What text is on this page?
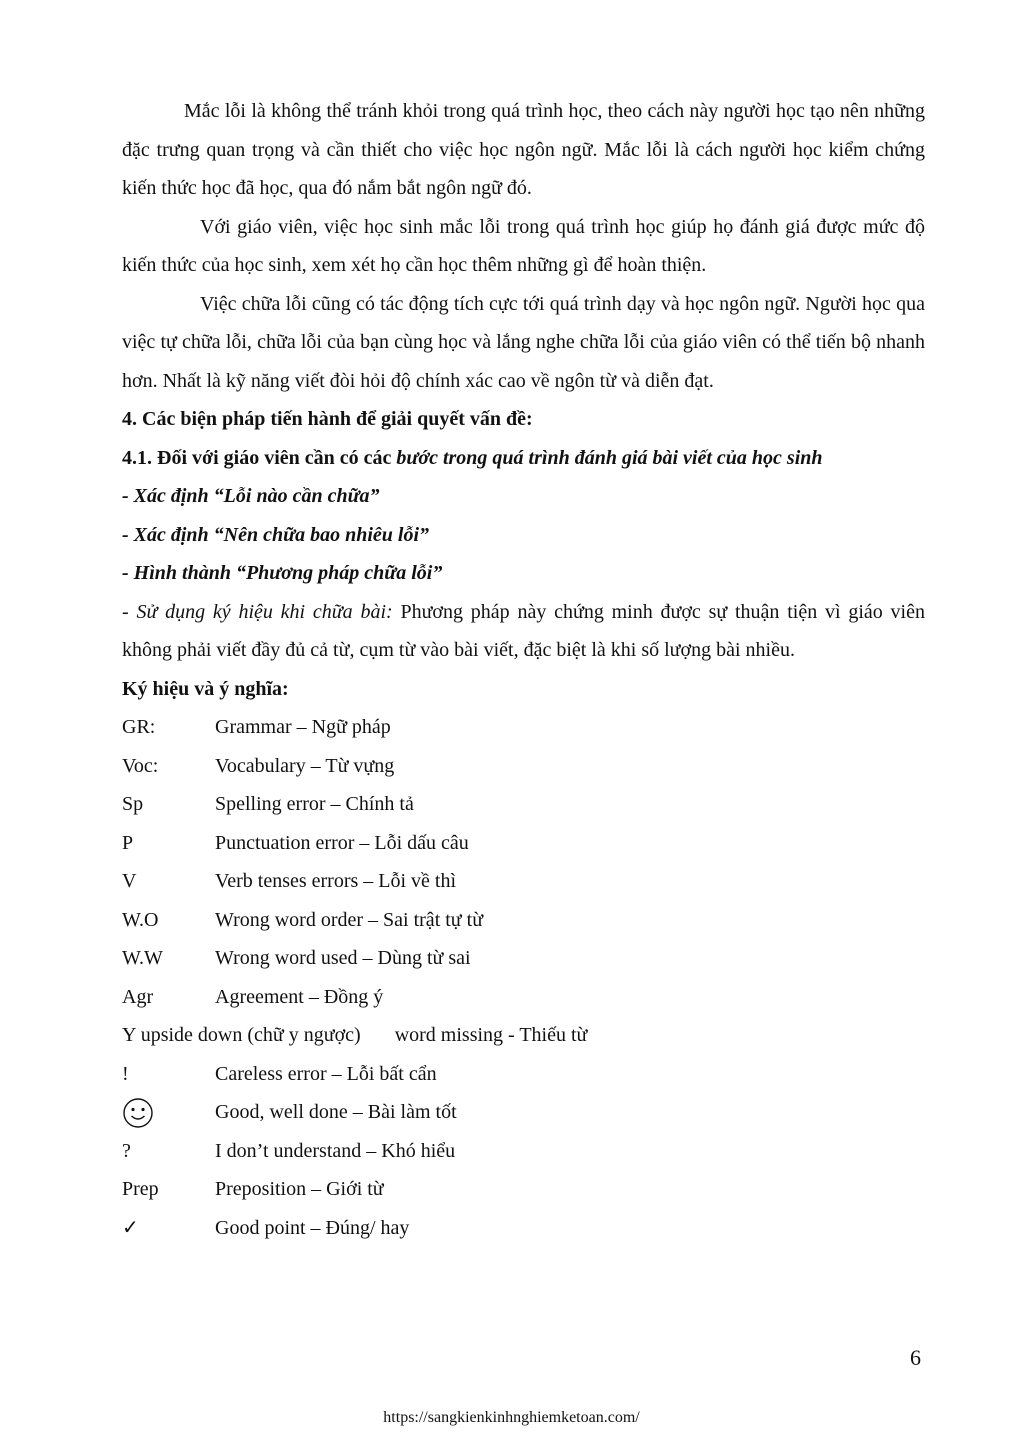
Mắc lỗi là không thể tránh khỏi trong quá trình học, theo cách này người học tạo nên những đặc trưng quan trọng và cần thiết cho việc học ngôn ngữ. Mắc lỗi là cách người học kiểm chứng kiến thức học đã học, qua đó nắm bắt ngôn ngữ đó.

Với giáo viên, việc học sinh mắc lỗi trong quá trình học giúp họ đánh giá được mức độ kiến thức của học sinh, xem xét họ cần học thêm những gì để hoàn thiện.

Việc chữa lỗi cũng có tác động tích cực tới quá trình dạy và học ngôn ngữ. Người học qua việc tự chữa lỗi, chữa lỗi của bạn cùng học và lắng nghe chữa lỗi của giáo viên có thể tiến bộ nhanh hơn. Nhất là kỹ năng viết đòi hỏi độ chính xác cao về ngôn từ và diễn đạt.

4. Các biện pháp tiến hành để giải quyết vấn đề:

4.1. Đối với giáo viên cần có các bước trong quá trình đánh giá bài viết của học sinh

- Xác định “Lỗi nào cần chữa”

- Xác định “Nên chữa bao nhiêu lỗi”

- Hình thành “Phương pháp chữa lỗi”

- Sử dụng ký hiệu khi chữa bài: Phương pháp này chứng minh được sự thuận tiện vì giáo viên không phải viết đầy đủ cả từ, cụm từ vào bài viết, đặc biệt là khi số lượng bài nhiều.

Ký hiệu và ý nghĩa:

GR:	Grammar – Ngữ pháp
Voc:	Vocabulary – Từ vựng
Sp	Spelling error – Chính tả
P	Punctuation error – Lỗi dấu câu
V	Verb tenses errors – Lỗi về thì
W.O	Wrong word order – Sai trật tự từ
W.W	Wrong word used – Dùng từ sai
Agr	Agreement – Đồng ý
Y upside down (chữ y ngược) word missing - Thiếu từ
!	Careless error – Lỗi bất cẩn
Good, well done – Bài làm tốt
?	I don’t understand – Khó hiểu
Prep	Preposition – Giới từ
✓	Good point – Đúng/ hay
6
https://sangkienkinhnghiemketoan.com/
